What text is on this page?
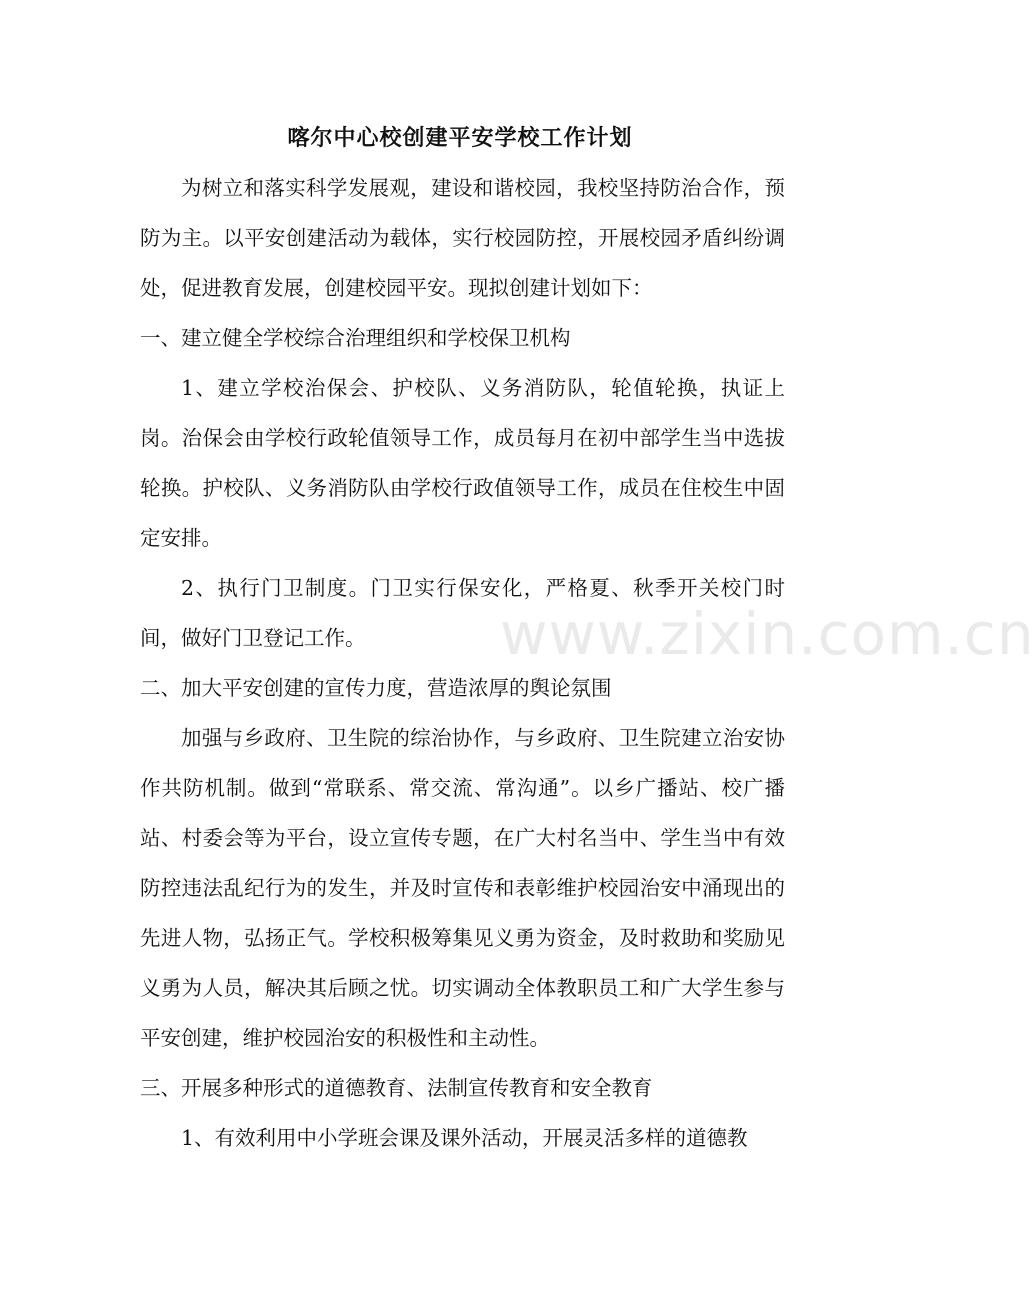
喀尔中心校创建平安学校工作计划

为树立和落实科学发展观，建设和谐校园，我校坚持防治合作，预防为主。以平安创建活动为载体，实行校园防控，开展校园矛盾纠纷调处，促进教育发展，创建校园平安。现拟创建计划如下：

一、建立健全学校综合治理组织和学校保卫机构

1、建立学校治保会、护校队、义务消防队，轮值轮换，执证上岗。治保会由学校行政轮值领导工作，成员每月在初中部学生当中选拔轮换。护校队、义务消防队由学校行政值领导工作，成员在住校生中固定安排。

2、执行门卫制度。门卫实行保安化，严格夏、秋季开关校门时间，做好门卫登记工作。

二、加大平安创建的宣传力度，营造浓厚的舆论氛围

加强与乡政府、卫生院的综治协作，与乡政府、卫生院建立治安协作共防机制。做到“常联系、常交流、常沟通”。以乡广播站、校广播站、村委会等为平台，设立宣传专题，在广大村名当中、学生当中有效防控违法乱纪行为的发生，并及时宣传和表彰维护校园治安中涌现出的先进人物，弘扬正气。学校积极筹集见义勇为资金，及时救助和奖励见义勇为人员，解决其后顾之忧。切实调动全体教职员工和广大学生参与平安创建，维护校园治安的积极性和主动性。

三、开展多种形式的道德教育、法制宣传教育和安全教育

1、有效利用中小学班会课及课外活动，开展灵活多样的道德教

www.zixin.com.cn
